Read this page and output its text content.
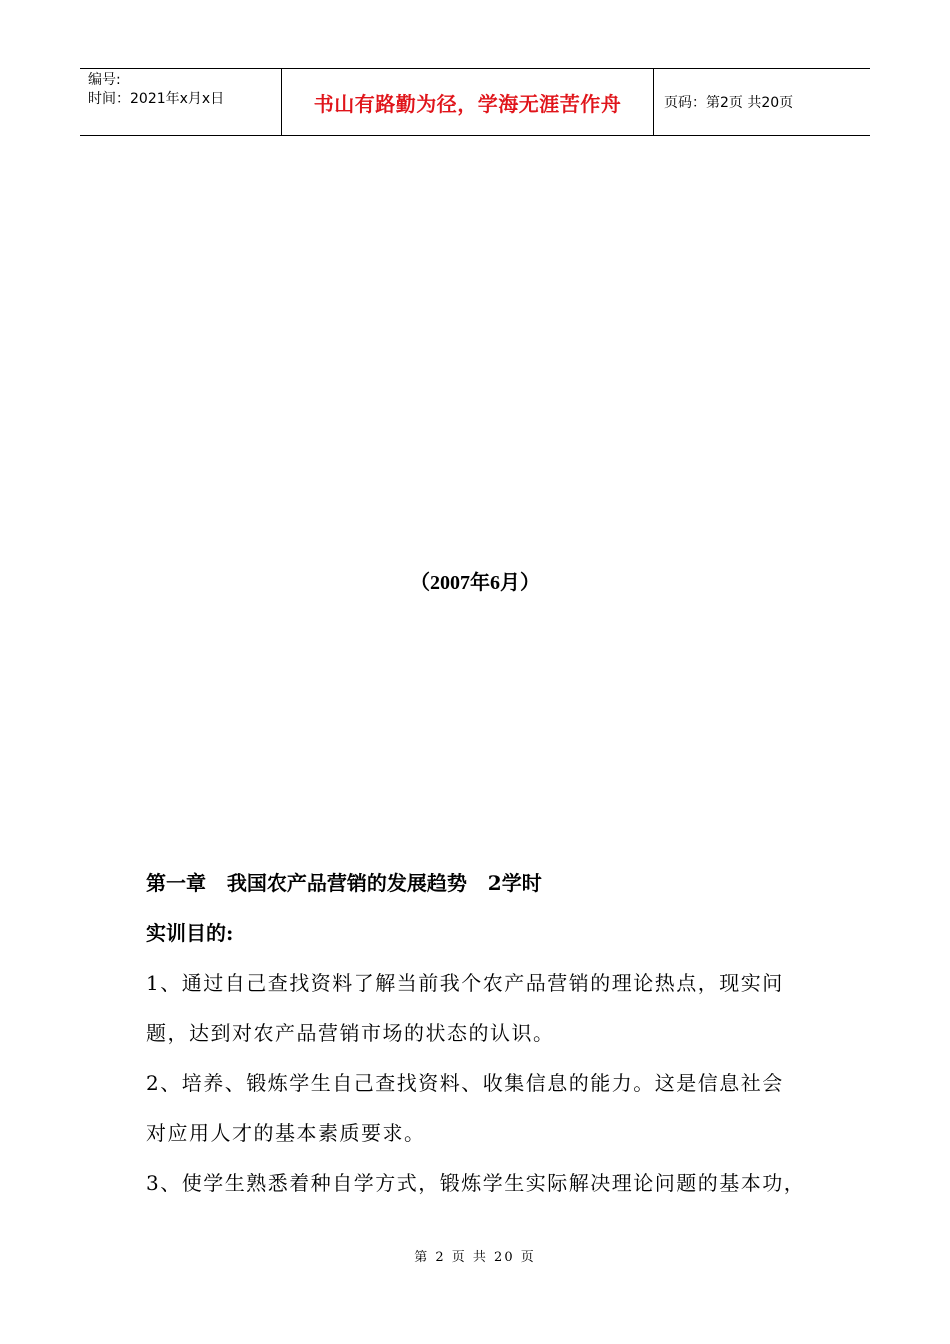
编号:
时间：2021年x月x日	书山有路勤为径，学海无涯苦作舟	页码：第2页 共20页
（2007年6月）
第一章   我国农产品营销的发展趋势   2学时
实训目的:
1、通过自己查找资料了解当前我个农产品营销的理论热点，现实问
题，达到对农产品营销市场的状态的认识。
2、培养、锻炼学生自己查找资料、收集信息的能力。这是信息社会
对应用人才的基本素质要求。
3、使学生熟悉着种自学方式，锻炼学生实际解决理论问题的基本功，
第 2 页 共 20 页
